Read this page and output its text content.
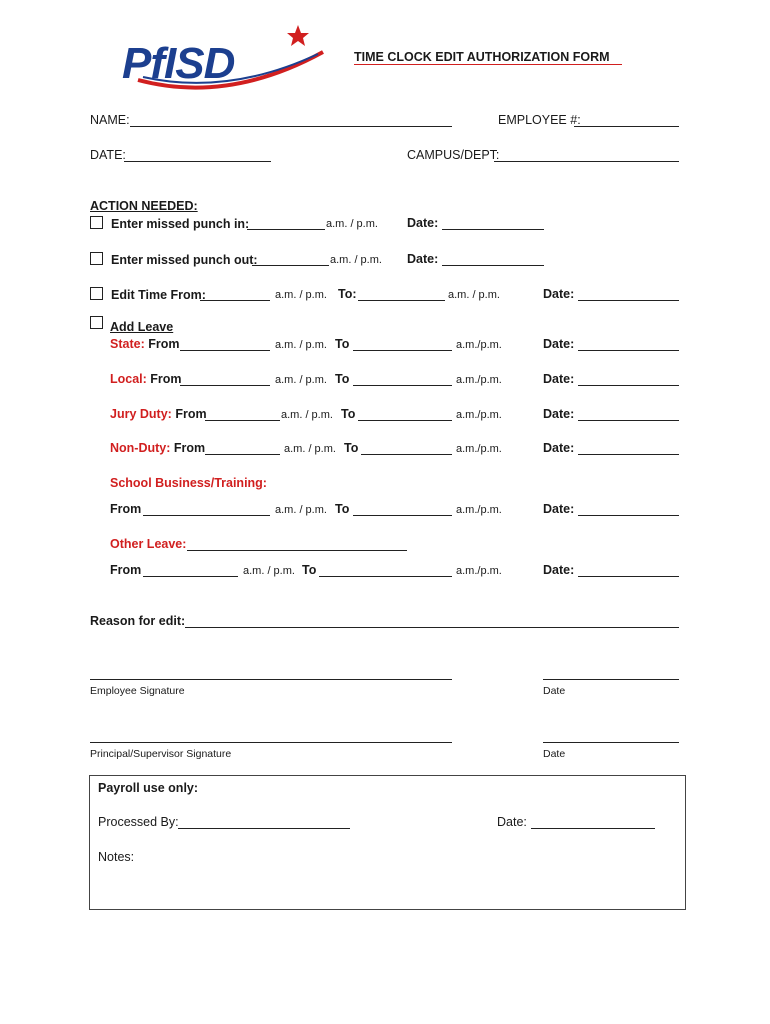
PfISD	TIME CLOCK EDIT AUTHORIZATION FORM
NAME:	EMPLOYEE #:
DATE:	CAMPUS/DEPT:
ACTION NEEDED:
Enter missed punch in:	a.m. / p.m. Date:
Enter missed punch out:	a.m. / p.m. Date:
Edit Time From:	a.m. / p.m. To:	a.m. / p.m.	Date:
Add Leave
State: From	a.m. / p.m. To	a.m./p.m.	Date:
Local: From	a.m. / p.m. To	a.m./p.m.	Date:
Jury Duty: From	a.m. / p.m. To	a.m./p.m.	Date:
Non-Duty: From	a.m. / p.m. To	a.m./p.m.	Date:
School Business/Training:
From	a.m. / p.m. To	a.m./p.m.	Date:
Other Leave:
From	a.m. / p.m. To	a.m./p.m.	Date:
Reason for edit:
Employee Signature	Date
Principal/Supervisor Signature	Date
Payroll use only:
Processed By:	Date:
Notes:
